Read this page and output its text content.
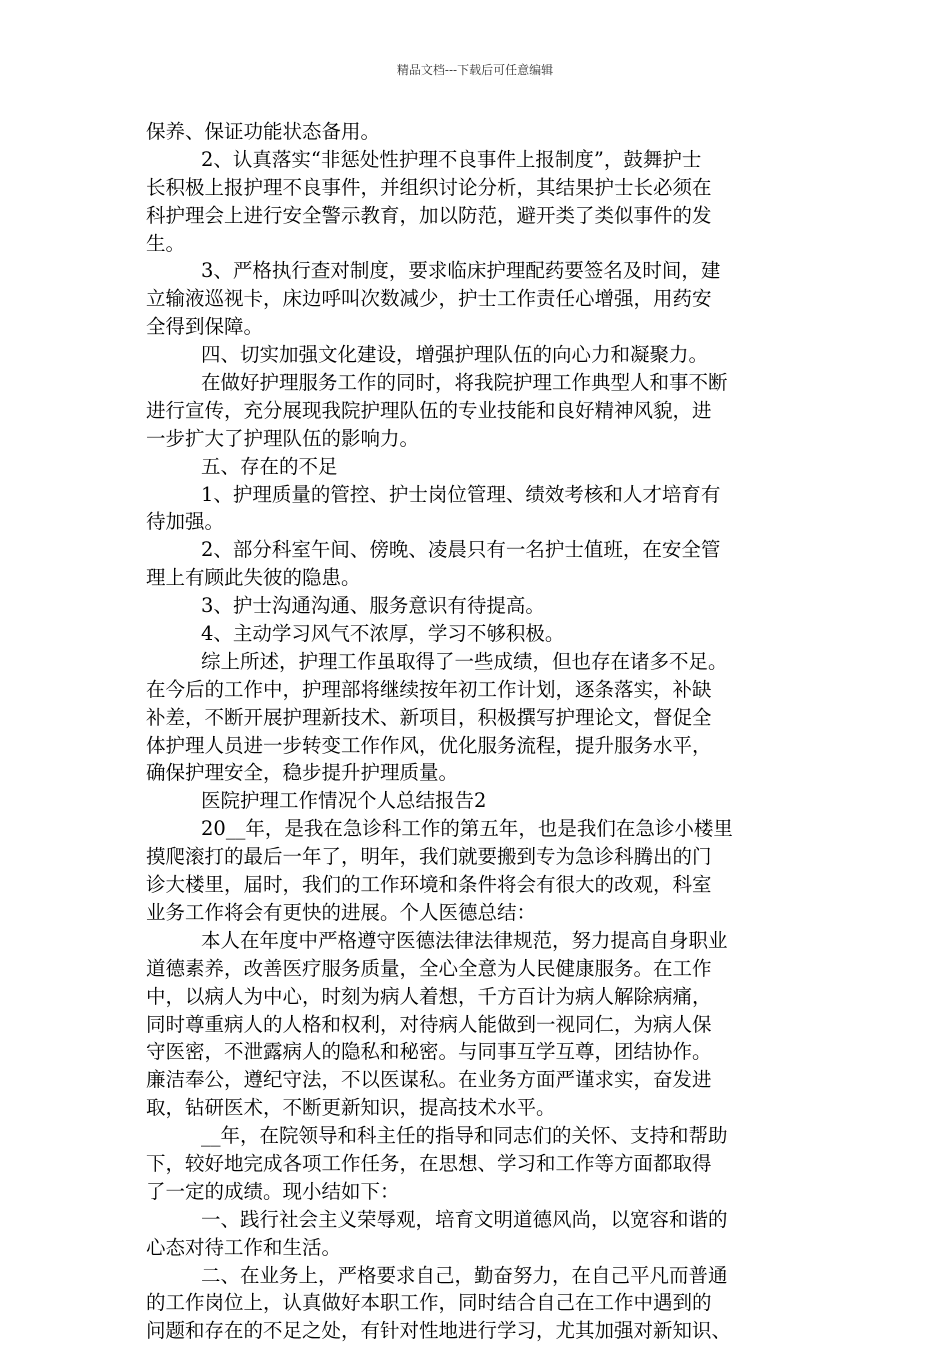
精品文档---下载后可任意编辑
保养、保证功能状态备用。
2、认真落实“非惩处性护理不良事件上报制度”，鼓舞护士
长积极上报护理不良事件，并组织讨论分析，其结果护士长必须在
科护理会上进行安全警示教育，加以防范，避开类了类似事件的发
生。
3、严格执行查对制度，要求临床护理配药要签名及时间，建
立输液巡视卡，床边呼叫次数减少，护士工作责任心增强，用药安
全得到保障。
四、切实加强文化建设，增强护理队伍的向心力和凝聚力。
在做好护理服务工作的同时，将我院护理工作典型人和事不断
进行宣传，充分展现我院护理队伍的专业技能和良好精神风貌，进
一步扩大了护理队伍的影响力。
五、存在的不足
1、护理质量的管控、护士岗位管理、绩效考核和人才培育有
待加强。
2、部分科室午间、傍晚、凌晨只有一名护士值班，在安全管
理上有顾此失彼的隐患。
3、护士沟通沟通、服务意识有待提高。
4、主动学习风气不浓厚，学习不够积极。
综上所述，护理工作虽取得了一些成绩，但也存在诸多不足。
在今后的工作中，护理部将继续按年初工作计划，逐条落实，补缺
补差，不断开展护理新技术、新项目，积极撰写护理论文，督促全
体护理人员进一步转变工作作风，优化服务流程，提升服务水平，
确保护理安全，稳步提升护理质量。
医院护理工作情况个人总结报告2
20__年，是我在急诊科工作的第五年，也是我们在急诊小楼里
摸爬滚打的最后一年了，明年，我们就要搬到专为急诊科腾出的门
诊大楼里，届时，我们的工作环境和条件将会有很大的改观，科室
业务工作将会有更快的进展。个人医德总结：
本人在年度中严格遵守医德法律法律规范，努力提高自身职业
道德素养，改善医疗服务质量，全心全意为人民健康服务。在工作
中，以病人为中心，时刻为病人着想，千方百计为病人解除病痛，
同时尊重病人的人格和权利，对待病人能做到一视同仁，为病人保
守医密，不泄露病人的隐私和秘密。与同事互学互尊，团结协作。
廉洁奉公，遵纪守法，不以医谋私。在业务方面严谨求实，奋发进
取，钻研医术，不断更新知识，提高技术水平。
__年，在院领导和科主任的指导和同志们的关怀、支持和帮助
下，较好地完成各项工作任务，在思想、学习和工作等方面都取得
了一定的成绩。现小结如下：
一、践行社会主义荣辱观，培育文明道德风尚，以宽容和谐的
心态对待工作和生活。
二、在业务上，严格要求自己，勤奋努力，在自己平凡而普通
的工作岗位上，认真做好本职工作，同时结合自己在工作中遇到的
问题和存在的不足之处，有针对性地进行学习，尤其加强对新知识、
